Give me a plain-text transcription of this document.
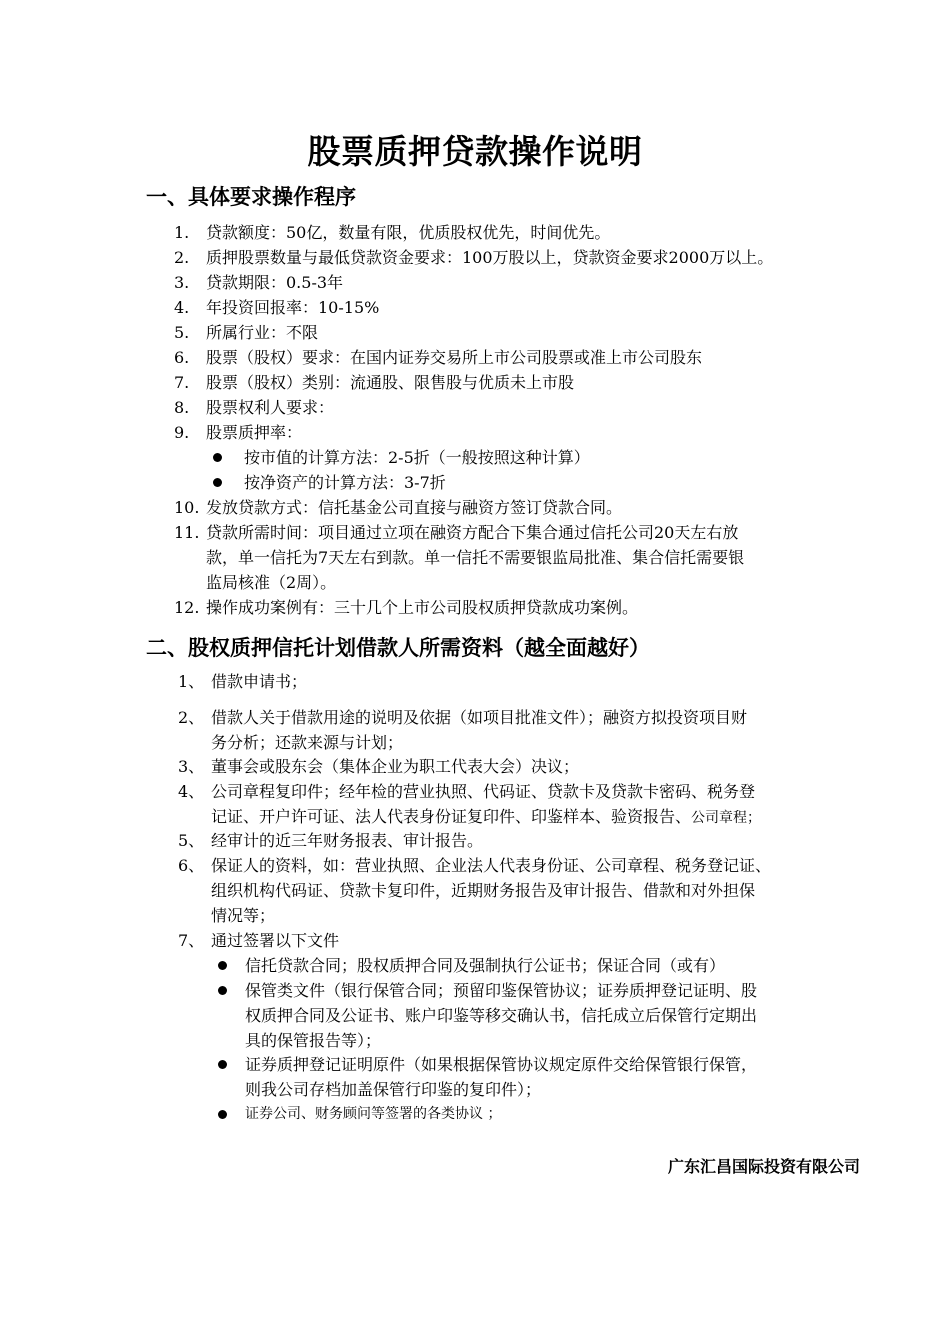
股票质押贷款操作说明
一、具体要求操作程序
1. 贷款额度：50亿，数量有限，优质股权优先，时间优先。
2. 质押股票数量与最低贷款资金要求：100万股以上，贷款资金要求2000万以上。
3. 贷款期限：0.5-3年
4. 年投资回报率：10-15%
5. 所属行业：不限
6. 股票（股权）要求：在国内证券交易所上市公司股票或准上市公司股东
7. 股票（股权）类别：流通股、限售股与优质未上市股
8. 股票权利人要求：
9. 股票质押率：
按市值的计算方法：2-5折（一般按照这种计算）
按净资产的计算方法：3-7折
10. 发放贷款方式：信托基金公司直接与融资方签订贷款合同。
11. 贷款所需时间：项目通过立项在融资方配合下集合通过信托公司20天左右放
款，单一信托为7天左右到款。单一信托不需要银监局批准、集合信托需要银
监局核准（2周）。
12. 操作成功案例有：三十几个上市公司股权质押贷款成功案例。
二、股权质押信托计划借款人所需资料（越全面越好）
1、 借款申请书；
2、 借款人关于借款用途的说明及依据（如项目批准文件）；融资方拟投资项目财
务分析；还款来源与计划；
3、 董事会或股东会（集体企业为职工代表大会）决议；
4、 公司章程复印件；经年检的营业执照、代码证、贷款卡及贷款卡密码、税务登
记证、开户许可证、法人代表身份证复印件、印鉴样本、验资报告、公司章程；
5、 经审计的近三年财务报表、审计报告。
6、 保证人的资料，如：营业执照、企业法人代表身份证、公司章程、税务登记证、
组织机构代码证、贷款卡复印件，近期财务报告及审计报告、借款和对外担保
情况等；
7、 通过签署以下文件
信托贷款合同；股权质押合同及强制执行公证书；保证合同（或有）
保管类文件（银行保管合同；预留印鉴保管协议；证券质押登记证明、股
权质押合同及公证书、账户印鉴等移交确认书，信托成立后保管行定期出
具的保管报告等）；
证券质押登记证明原件（如果根据保管协议规定原件交给保管银行保管，
则我公司存档加盖保管行印鉴的复印件）；
证券公司、财务顾问等签署的各类协议 ；
广东汇昌国际投资有限公司
